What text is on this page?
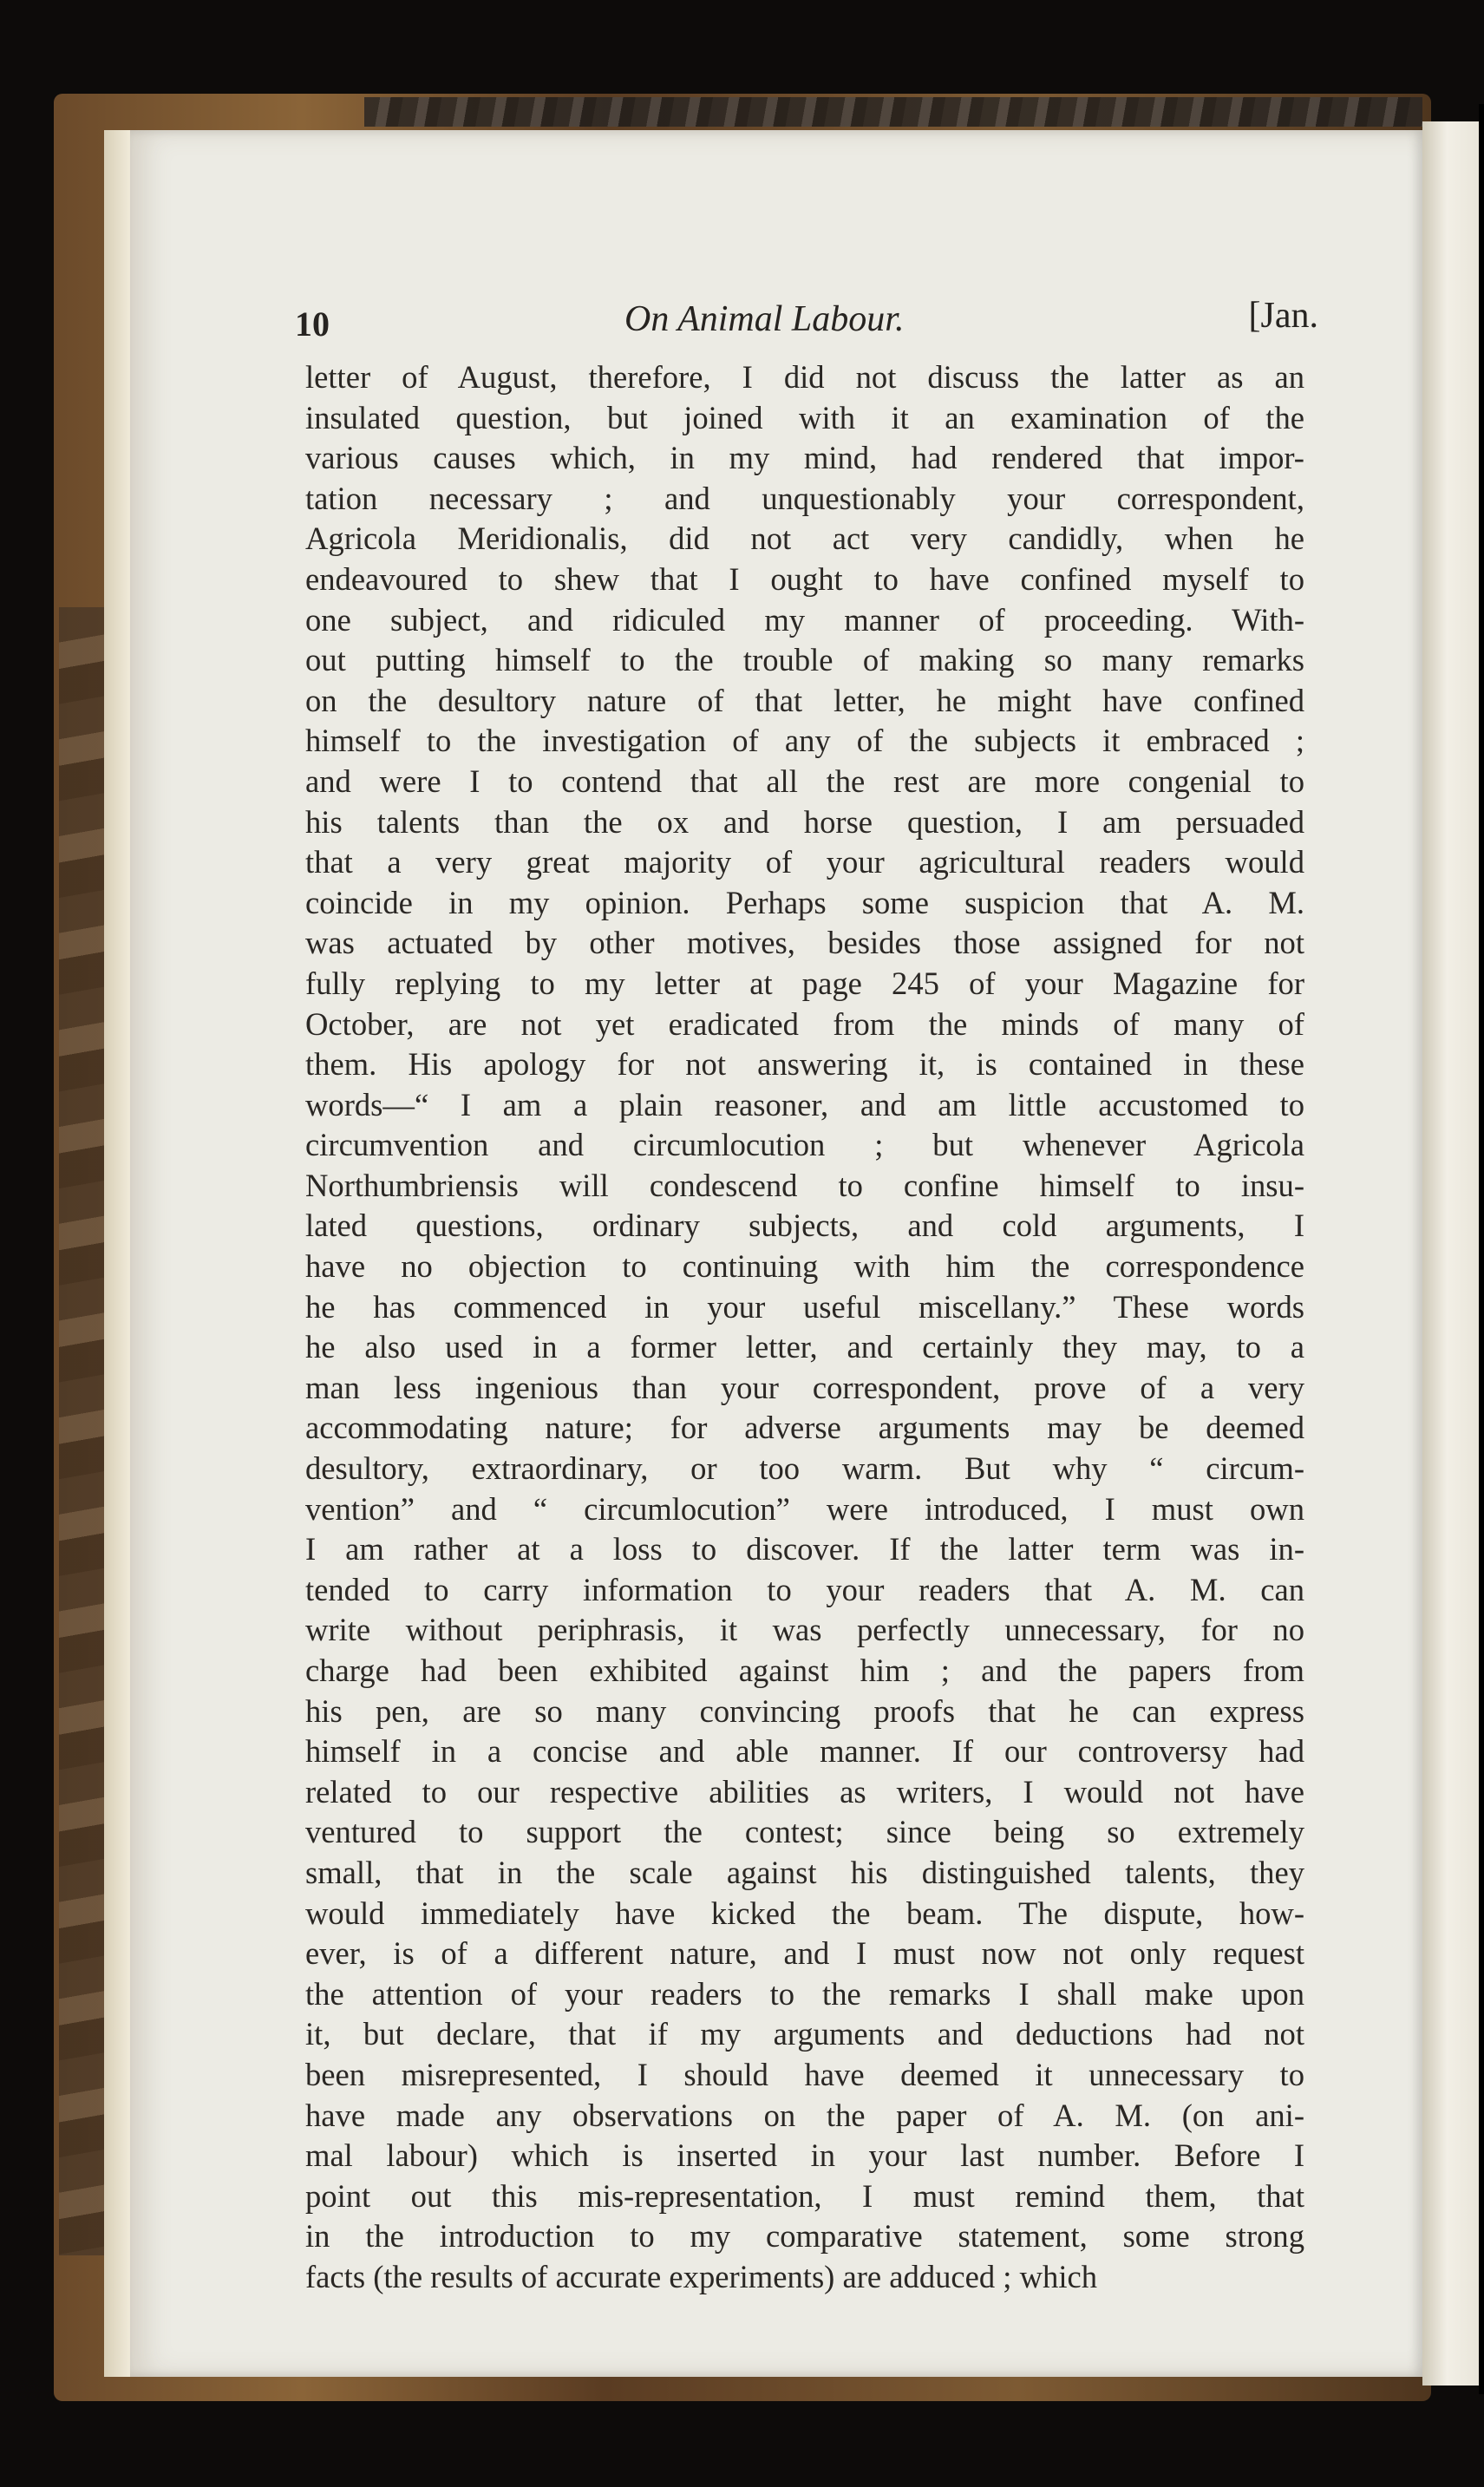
10	On Animal Labour.	[Jan.
letter of August, therefore, I did not discuss the latter as an
insulated question, but joined with it an examination of the
various causes which, in my mind, had rendered that impor-
tation necessary ; and unquestionably your correspondent,
Agricola Meridionalis, did not act very candidly, when he
endeavoured to shew that I ought to have confined myself to
one subject, and ridiculed my manner of proceeding. With-
out putting himself to the trouble of making so many remarks
on the desultory nature of that letter, he might have confined
himself to the investigation of any of the subjects it embraced ;
and were I to contend that all the rest are more congenial to
his talents than the ox and horse question, I am persuaded
that a very great majority of your agricultural readers would
coincide in my opinion. Perhaps some suspicion that A. M.
was actuated by other motives, besides those assigned for not
fully replying to my letter at page 245 of your Magazine for
October, are not yet eradicated from the minds of many of
them. His apology for not answering it, is contained in these
words—“ I am a plain reasoner, and am little accustomed to
circumvention and circumlocution ; but whenever Agricola
Northumbriensis will condescend to confine himself to insu-
lated questions, ordinary subjects, and cold arguments, I
have no objection to continuing with him the correspondence
he has commenced in your useful miscellany.” These words
he also used in a former letter, and certainly they may, to a
man less ingenious than your correspondent, prove of a very
accommodating nature; for adverse arguments may be deemed
desultory, extraordinary, or too warm. But why “ circum-
vention” and “ circumlocution” were introduced, I must own
I am rather at a loss to discover. If the latter term was in-
tended to carry information to your readers that A. M. can
write without periphrasis, it was perfectly unnecessary, for no
charge had been exhibited against him ; and the papers from
his pen, are so many convincing proofs that he can express
himself in a concise and able manner. If our controversy had
related to our respective abilities as writers, I would not have
ventured to support the contest; since being so extremely
small, that in the scale against his distinguished talents, they
would immediately have kicked the beam. The dispute, how-
ever, is of a different nature, and I must now not only request
the attention of your readers to the remarks I shall make upon
it, but declare, that if my arguments and deductions had not
been misrepresented, I should have deemed it unnecessary to
have made any observations on the paper of A. M. (on ani-
mal labour) which is inserted in your last number. Before I
point out this mis-representation, I must remind them, that
in the introduction to my comparative statement, some strong
facts (the results of accurate experiments) are adduced ; which
